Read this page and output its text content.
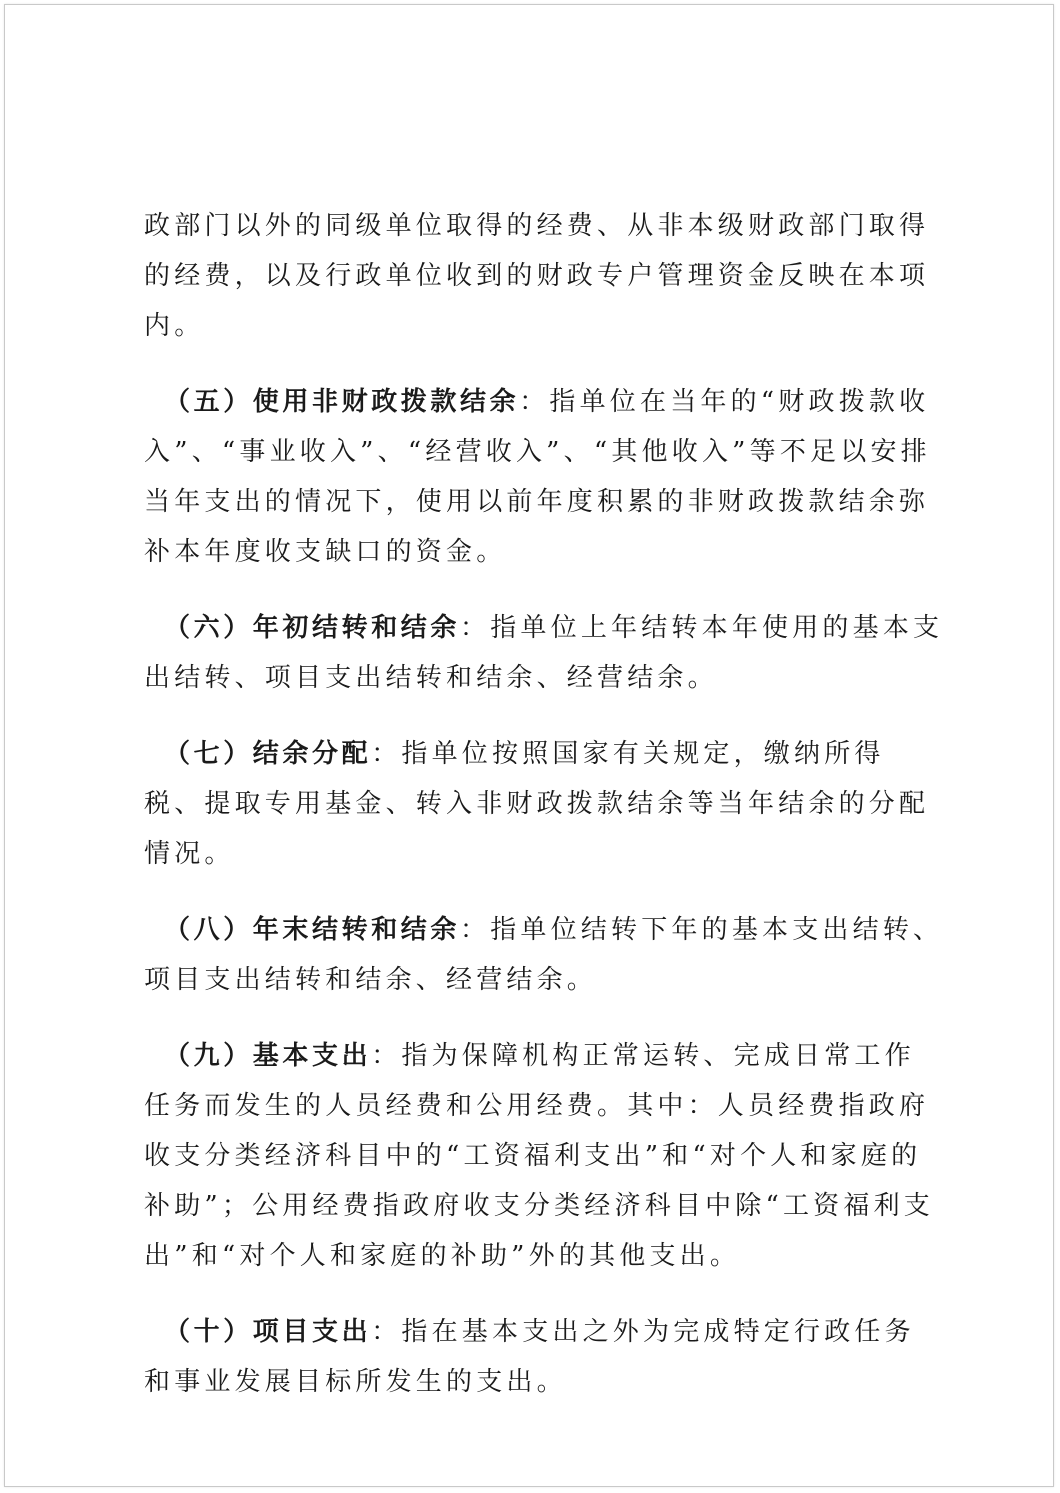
政部门以外的同级单位取得的经费、从非本级财政部门取得的经费，以及行政单位收到的财政专户管理资金反映在本项内。

（五）使用非财政拨款结余：指单位在当年的“财政拨款收入”、“事业收入”、“经营收入”、“其他收入”等不足以安排当年支出的情况下，使用以前年度积累的非财政拨款结余弥补本年度收支缺口的资金。

（六）年初结转和结余：指单位上年结转本年使用的基本支出结转、项目支出结转和结余、经营结余。

（七）结余分配：指单位按照国家有关规定，缴纳所得税、提取专用基金、转入非财政拨款结余等当年结余的分配情况。

（八）年末结转和结余：指单位结转下年的基本支出结转、项目支出结转和结余、经营结余。

（九）基本支出：指为保障机构正常运转、完成日常工作任务而发生的人员经费和公用经费。其中：人员经费指政府收支分类经济科目中的“工资福利支出”和“对个人和家庭的补助”；公用经费指政府收支分类经济科目中除“工资福利支出”和“对个人和家庭的补助”外的其他支出。

（十）项目支出：指在基本支出之外为完成特定行政任务和事业发展目标所发生的支出。
